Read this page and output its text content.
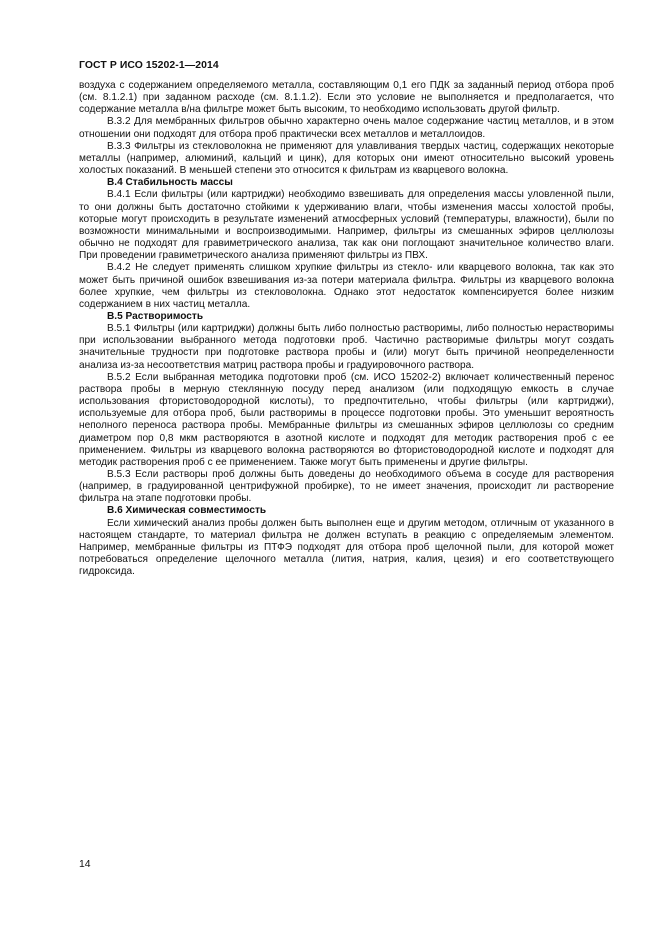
ГОСТ Р ИСО 15202-1—2014

воздуха с содержанием определяемого металла, составляющим 0,1 его ПДК за заданный период отбора проб (см. 8.1.2.1) при заданном расходе (см. 8.1.1.2). Если это условие не выполняется и предполагается, что содержание металла в/на фильтре может быть высоким, то необходимо использовать другой фильтр.

В.3.2 Для мембранных фильтров обычно характерно очень малое содержание частиц металлов, и в этом отношении они подходят для отбора проб практически всех металлов и металлоидов.

В.3.3 Фильтры из стекловолокна не применяют для улавливания твердых частиц, содержащих некоторые металлы (например, алюминий, кальций и цинк), для которых они имеют относительно высокий уровень холостых показаний. В меньшей степени это относится к фильтрам из кварцевого волокна.

В.4 Стабильность массы

В.4.1 Если фильтры (или картриджи) необходимо взвешивать для определения массы уловленной пыли, то они должны быть достаточно стойкими к удерживанию влаги, чтобы изменения массы холостой пробы, которые могут происходить в результате изменений атмосферных условий (температуры, влажности), были по возможности минимальными и воспроизводимыми. Например, фильтры из смешанных эфиров целлюлозы обычно не подходят для гравиметрического анализа, так как они поглощают значительное количество влаги. При проведении гравиметрического анализа применяют фильтры из ПВХ.

В.4.2 Не следует применять слишком хрупкие фильтры из стекло- или кварцевого волокна, так как это может быть причиной ошибок взвешивания из-за потери материала фильтра. Фильтры из кварцевого волокна более хрупкие, чем фильтры из стекловолокна. Однако этот недостаток компенсируется более низким содержанием в них частиц металла.

В.5 Растворимость

В.5.1 Фильтры (или картриджи) должны быть либо полностью растворимы, либо полностью нерастворимы при использовании выбранного метода подготовки проб. Частично растворимые фильтры могут создать значительные трудности при подготовке раствора пробы и (или) могут быть причиной неопределенности анализа из-за несоответствия матриц раствора пробы и градуировочного раствора.

В.5.2 Если выбранная методика подготовки проб (см. ИСО 15202-2) включает количественный перенос раствора пробы в мерную стеклянную посуду перед анализом (или подходящую емкость в случае использования фтористоводородной кислоты), то предпочтительно, чтобы фильтры (или картриджи), используемые для отбора проб, были растворимы в процессе подготовки пробы. Это уменьшит вероятность неполного переноса раствора пробы. Мембранные фильтры из смешанных эфиров целлюлозы со средним диаметром пор 0,8 мкм растворяются в азотной кислоте и подходят для методик растворения проб с ее применением. Фильтры из кварцевого волокна растворяются во фтористоводородной кислоте и подходят для методик растворения проб с ее применением. Также могут быть применены и другие фильтры.

В.5.3 Если растворы проб должны быть доведены до необходимого объема в сосуде для растворения (например, в градуированной центрифужной пробирке), то не имеет значения, происходит ли растворение фильтра на этапе подготовки пробы.

В.6 Химическая совместимость

Если химический анализ пробы должен быть выполнен еще и другим методом, отличным от указанного в настоящем стандарте, то материал фильтра не должен вступать в реакцию с определяемым элементом. Например, мембранные фильтры из ПТФЭ подходят для отбора проб щелочной пыли, для которой может потребоваться определение щелочного металла (лития, натрия, калия, цезия) и его соответствующего гидроксида.

14
